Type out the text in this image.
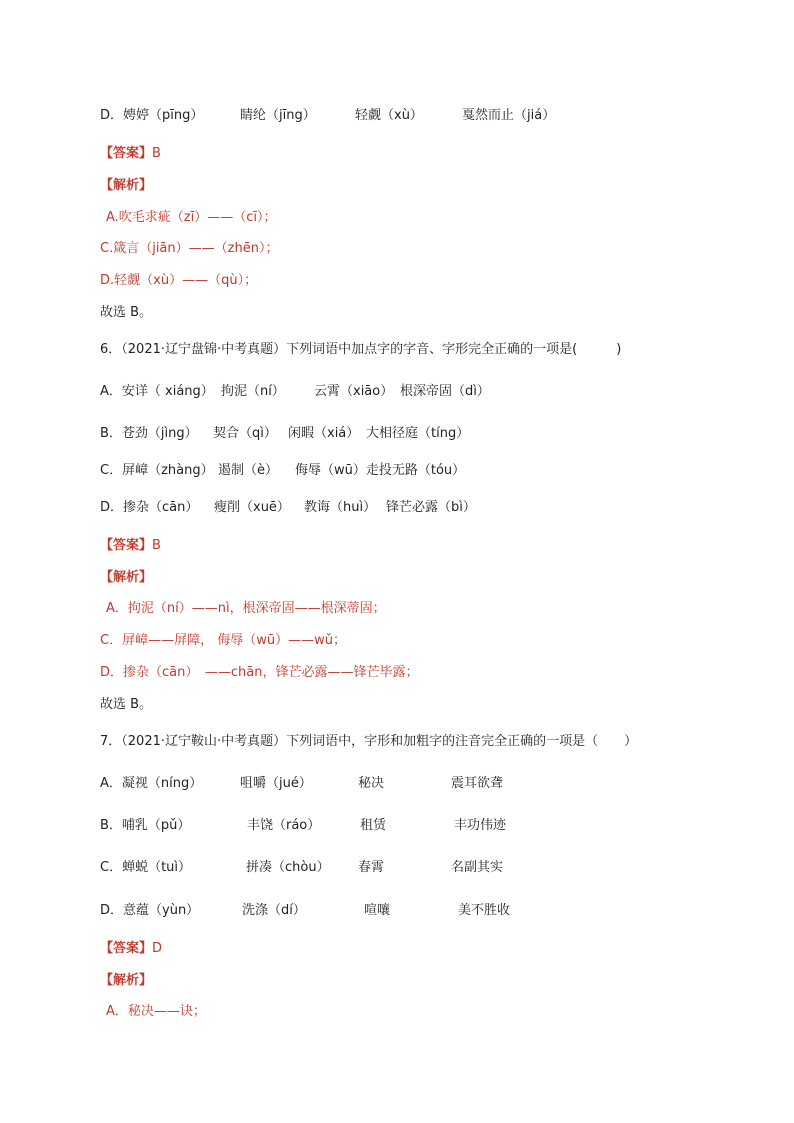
D．娉婷（pīng）	睛纶（jīng）	轻觑（xù）	戛然而止（jiá）
【答案】B
【解析】
A.吹毛求疵（zī）——（cī）；
C.箴言（jiān）——（zhēn）；
D.轻觑（xù）——（qù）；
故选 B。
6．（2021·辽宁盘锦·中考真题）下列词语中加点字的字音、字形完全正确的一项是(　　　)
A．安详（ xiáng） 拘泥（ní） 云霄（xiāo） 根深帝固（dì）
B．苍劲（jìng） 契合（qì） 闲暇（xiá） 大相径庭（tíng）
C．屏嶂（zhàng） 遏制（è） 侮辱（wū）走投无路（tóu）
D．掺杂（cān） 瘦削（xuē） 教诲（huì） 锋芒必露（bì）
【答案】B
【解析】
A．拘泥（ní）——nì，根深帝固——根深蒂固；
C．屏嶂——屏障， 侮辱（wū）——wǔ；
D．掺杂（cān）　——chān，锋芒必露——锋芒毕露；
故选 B。
7．（2021·辽宁鞍山·中考真题）下列词语中，字形和加粗字的注音完全正确的一项是（　　）
A．凝视（níng）	咀嚼（jué）	秘决	震耳欲聋
B．哺乳（pǔ）	丰饶（ráo）	租赁	丰功伟迹
C．蝉蜕（tuì）	拼凑（chòu） 春霄	名副其实
D．意蕴（yùn）	洗涤（dí）	喧嚷	美不胜收
【答案】D
【解析】
A．秘决——诀；
